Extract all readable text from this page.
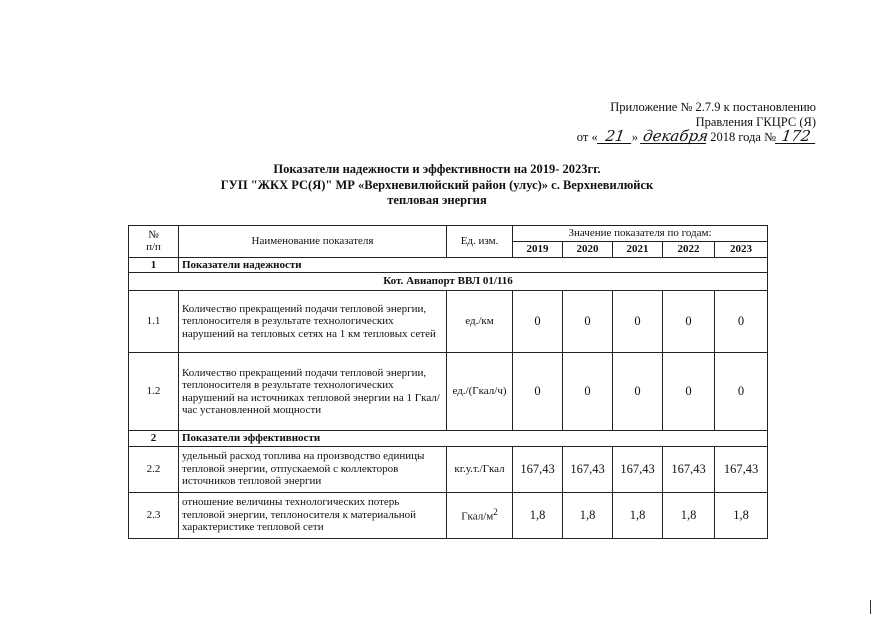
Приложение № 2.7.9 к постановлению
Правления ГКЦРС (Я)
от « 21 » декабря 2018 года № 172
Показатели надежности и эффективности на 2019- 2023гг.
ГУП "ЖКХ РС(Я)" МР «Верхневилюйский район (улус)» с. Верхневилюйск
тепловая энергия
№
п/п	Наименование показателя	Ед. изм.	Значение показателя по годам:				
			2019	2020	2021	2022	2023
1	Показатели надежности						
Кот. Авиапорт ВВЛ 01/116							
1.1	Количество прекращений подачи тепловой энергии, теплоносителя в результате технологических нарушений на тепловых сетях на 1 км тепловых сетей	ед./км	0	0	0	0	0
1.2	Количество прекращений подачи тепловой энергии, теплоносителя в результате технологических нарушений на источниках тепловой энергии на 1 Гкал/час установленной мощности	ед./(Гкал/ч)	0	0	0	0	0
2	Показатели эффективности						
2.2	удельный расход топлива на производство единицы тепловой энергии, отпускаемой с коллекторов источников тепловой энергии	кг.у.т./Гкал	167,43	167,43	167,43	167,43	167,43
2.3	отношение величины технологических потерь тепловой энергии, теплоносителя к материальной характеристике тепловой сети	Гкал/$м^2$	1,8	1,8	1,8	1,8	1,8
